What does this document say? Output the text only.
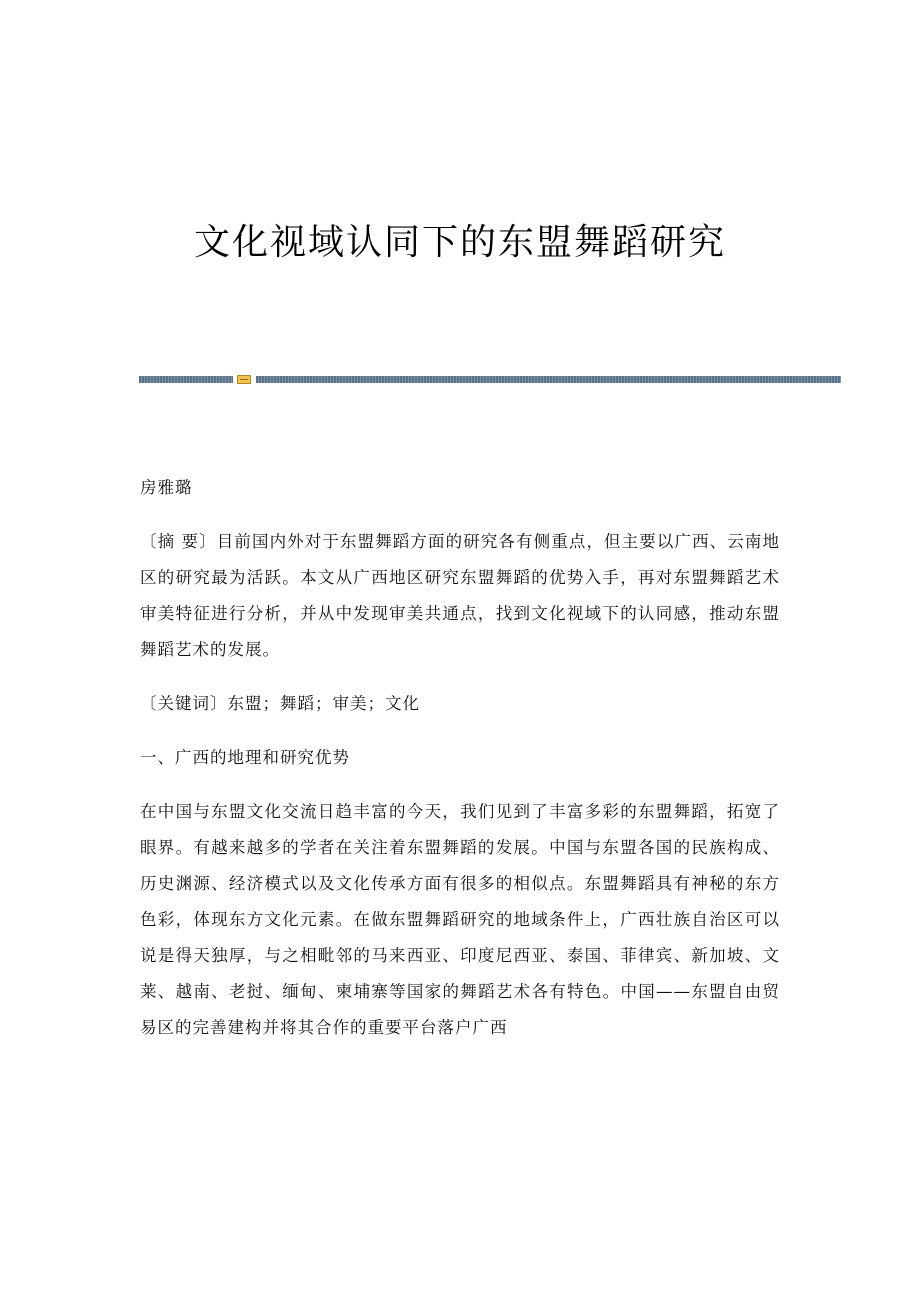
文化视域认同下的东盟舞蹈研究

房雅璐

〔摘 要〕目前国内外对于东盟舞蹈方面的研究各有侧重点，但主要以广西、云南地区的研究最为活跃。本文从广西地区研究东盟舞蹈的优势入手，再对东盟舞蹈艺术审美特征进行分析，并从中发现审美共通点，找到文化视域下的认同感，推动东盟舞蹈艺术的发展。

〔关键词〕东盟；舞蹈；审美；文化

一、广西的地理和研究优势

在中国与东盟文化交流日趋丰富的今天，我们见到了丰富多彩的东盟舞蹈，拓宽了眼界。有越来越多的学者在关注着东盟舞蹈的发展。中国与东盟各国的民族构成、历史渊源、经济模式以及文化传承方面有很多的相似点。东盟舞蹈具有神秘的东方色彩，体现东方文化元素。在做东盟舞蹈研究的地域条件上，广西壮族自治区可以说是得天独厚，与之相毗邻的马来西亚、印度尼西亚、泰国、菲律宾、新加坡、文莱、越南、老挝、缅甸、柬埔寨等国家的舞蹈艺术各有特色。中国——东盟自由贸易区的完善建构并将其合作的重要平台落户广西
